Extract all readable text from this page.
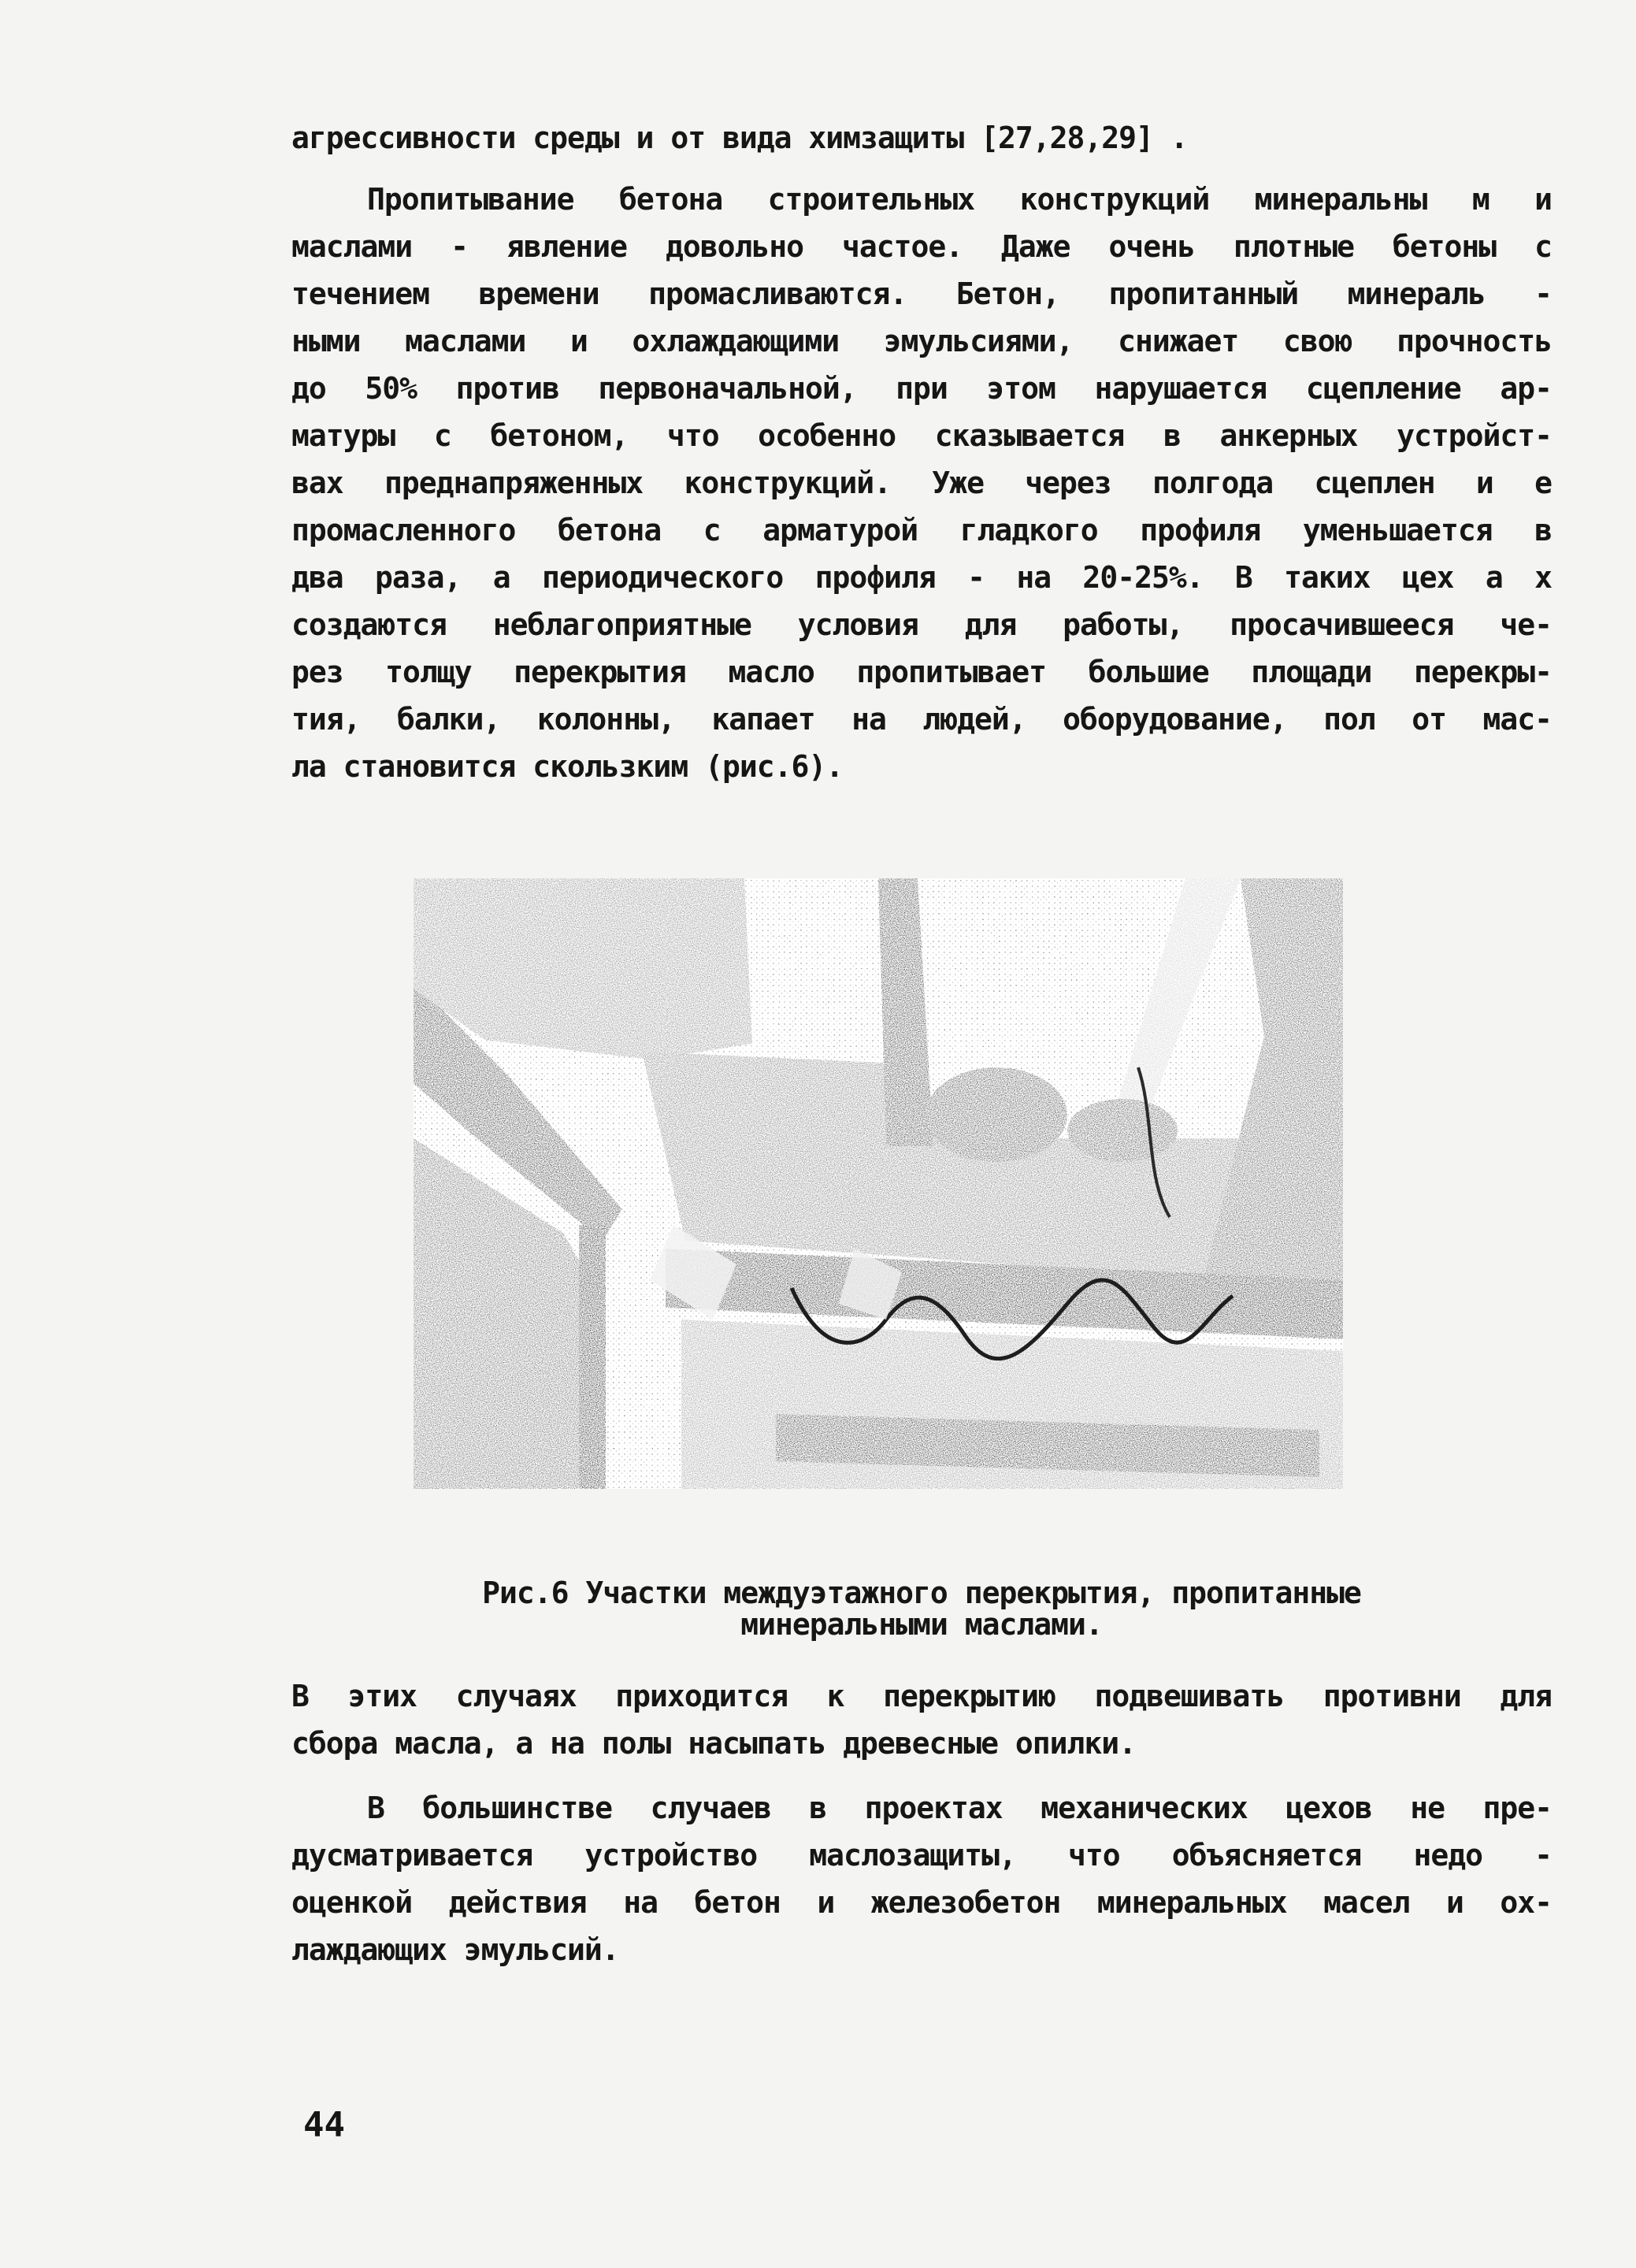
агрессивности среды и от вида химзащиты [27,28,29] .
Пропитывание бетона строительных конструкций минеральны м и
маслами - явление довольно частое. Даже очень плотные бетоны с
течением времени промасливаются. Бетон, пропитанный минераль -
ными маслами и охлаждающими эмульсиями, снижает свою прочность
до 50% против первоначальной, при этом нарушается сцепление ар-
матуры с бетоном, что особенно сказывается в анкерных устройст-
вах преднапряженных конструкций. Уже через полгода сцеплен и е
промасленного бетона с арматурой гладкого профиля уменьшается в
два раза, а периодического профиля - на 20-25%. В таких цех а х
создаются неблагоприятные условия для работы, просачившееся че-
рез толщу перекрытия масло пропитывает большие площади перекры-
тия, балки, колонны, капает на людей, оборудование, пол от мас-
ла становится скользким (рис.6).
Рис.6 Участки междуэтажного перекрытия, пропитанные
минеральными маслами.
В этих случаях приходится к перекрытию подвешивать противни для
сбора масла, а на полы насыпать древесные опилки.
В большинстве случаев в проектах механических цехов не пре-
дусматривается устройство маслозащиты, что объясняется недо -
оценкой действия на бетон и железобетон минеральных масел и ох-
лаждающих эмульсий.
44
